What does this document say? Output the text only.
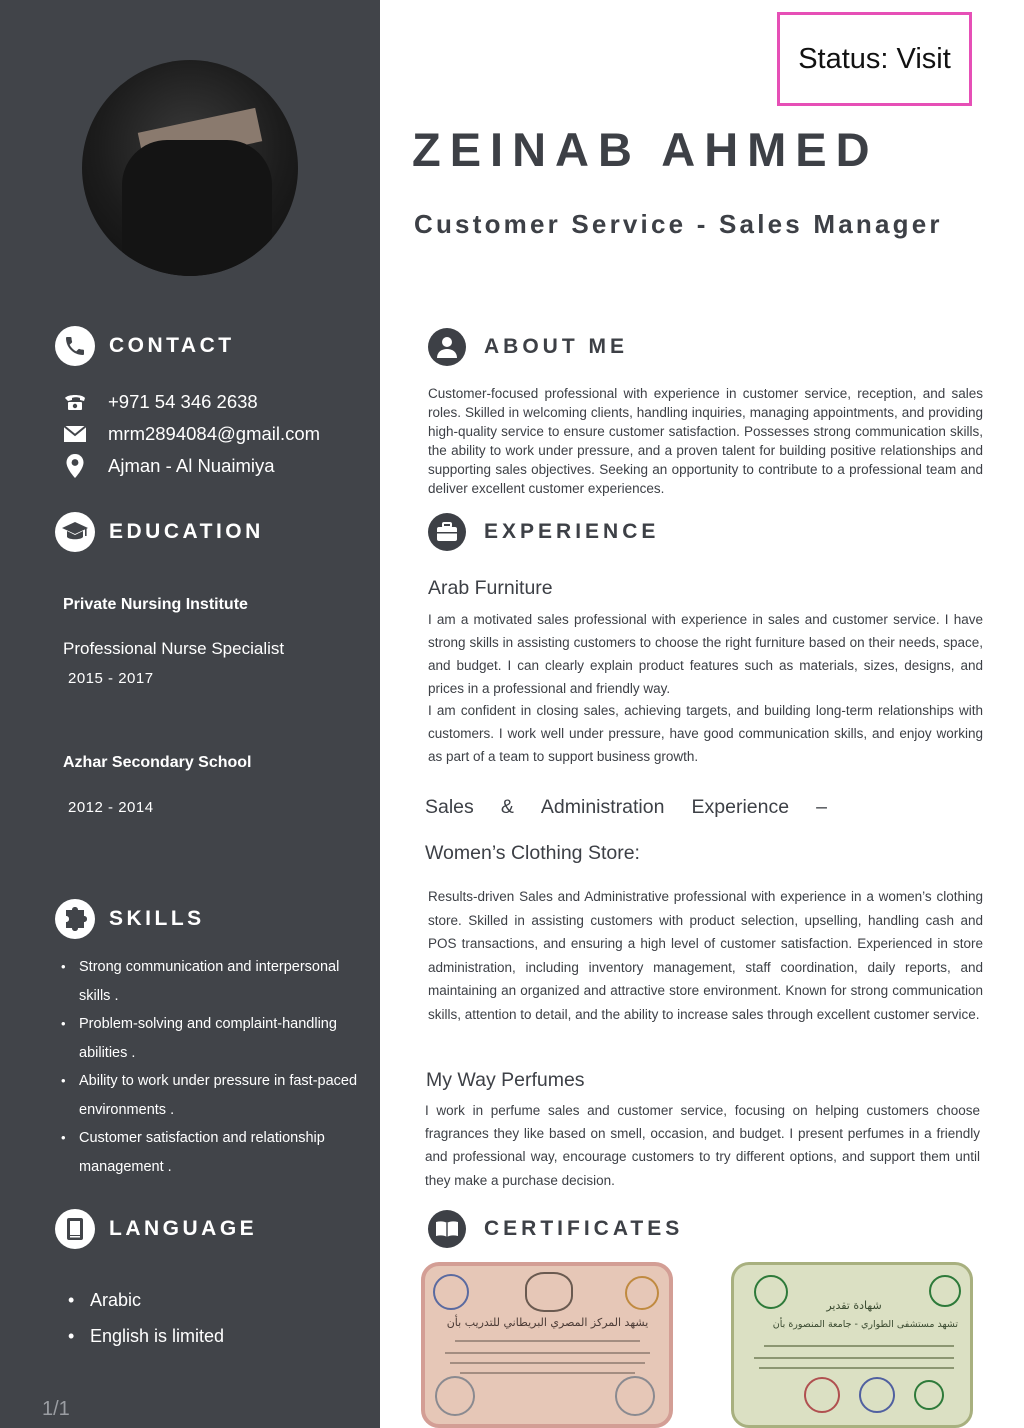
CONTACT
+971 54 346 2638
mrm2894084@gmail.com
Ajman - Al Nuaimiya
EDUCATION
Private Nursing Institute
Professional Nurse Specialist
2015 - 2017
Azhar Secondary School
2012 - 2014
SKILLS
• Strong communication and interpersonal skills .
• Problem-solving and complaint-handling abilities .
• Ability to work under pressure in fast-paced environments .
• Customer satisfaction and relationship management .
LANGUAGE
• Arabic
• English is limited
1/1
Status: Visit
ZEINAB AHMED
Customer Service - Sales Manager
ABOUT ME
Customer-focused professional with experience in customer service, reception, and sales roles. Skilled in welcoming clients, handling inquiries, managing appointments, and providing high-quality service to ensure customer satisfaction. Possesses strong communication skills, the ability to work under pressure, and a proven talent for building positive relationships and supporting sales objectives. Seeking an opportunity to contribute to a professional team and deliver excellent customer experiences.
EXPERIENCE
Arab Furniture
I am a motivated sales professional with experience in sales and customer service. I have strong skills in assisting customers to choose the right furniture based on their needs, space, and budget. I can clearly explain product features such as materials, sizes, designs, and prices in a professional and friendly way.
I am confident in closing sales, achieving targets, and building long-term relationships with customers. I work well under pressure, have good communication skills, and enjoy working as part of a team to support business growth.
Sales & Administration Experience –
Women’s Clothing Store:
Results-driven Sales and Administrative professional with experience in a women’s clothing store. Skilled in assisting customers with product selection, upselling, handling cash and POS transactions, and ensuring a high level of customer satisfaction. Experienced in store administration, including inventory management, staff coordination, daily reports, and maintaining an organized and attractive store environment. Known for strong communication skills, attention to detail, and the ability to increase sales through excellent customer service.
My Way Perfumes
I work in perfume sales and customer service, focusing on helping customers choose fragrances they like based on smell, occasion, and budget. I present perfumes in a friendly and professional way, encourage customers to try different options, and support them until they make a purchase decision.
CERTIFICATES
يشهد المركز المصري البريطاني للتدريب بأن
شهادة تقدير
تشهد مستشفى الطواري - جامعة المنصورة بأن
